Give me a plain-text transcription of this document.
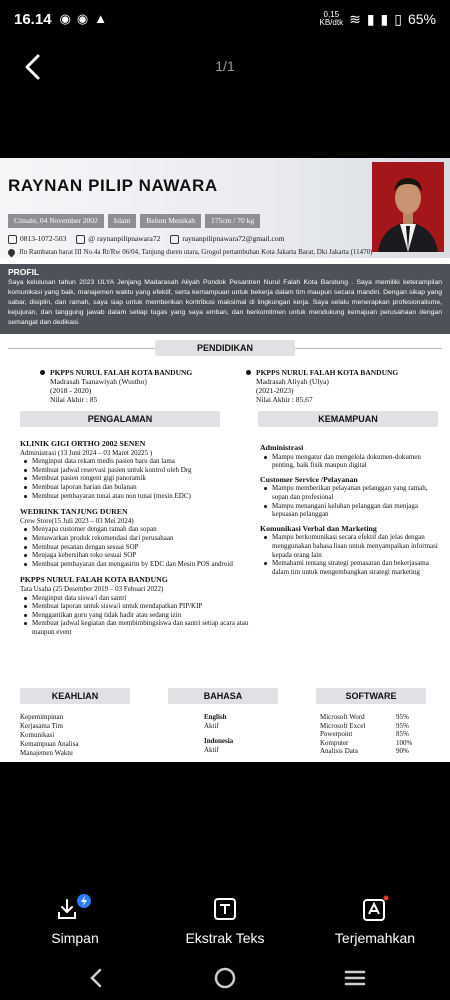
16.14 ◉ ◉ ▲	0,15
KB/dtk ≋ ▮ ▮ ▯ 65%
1/1
RAYNAN PILIP NAWARA
Cimahi, 04 November 2002	Islam	Belum Menikah	175cm / 70 kg
0813-1072-503	@ raynanpilipnawara72	raynanpilipnawara72@gmail.com
Jln Rambatan barat III No.4a Rt/Rw 06/04, Tanjung duren utara, Grogol pertambuhan Kota Jakarta Barat, Dki Jakarta (11470)
PROFIL

Saya kelulusan tahun 2023 ULYA Jenjang Madarasah Aliyah Pondok Pesantren Nurul Falah Kota Bandung . Saya memiliki keterampilan komunikasi yang baik, manajemen waktu yang efektif, serta kemampuan untuk bekerja dalam tim maupun secara mandiri. Dengan sikap yang sabar, disiplin, dan ramah, saya siap untuk memberikan kontribusi maksimal di lingkungan kerja. Saya selalu menerapkan profesionalisme, kejujuran, dan tanggung jawab dalam setiap tugas yang saya emban, dan berkomitmen untuk mendukung kemajuan perusahaan dengan semangat dan dedikasi.

PENDIDIKAN
PKPPS NURUL FALAH KOTA BANDUNG
Madrasah Tsanawiyah (Wustho)
(2018 - 2020)
Nilai Akhir : 85
PKPPS NURUL FALAH KOTA BANDUNG
Madrasah Aliyah (Ulya)
(2021-2023)
Nilai Akhir : 85,67
PENGALAMAN	KEMAMPUAN
KLINIK GIGI ORTHO 2002 SENEN
Administrasi (13 Juni 2024 – 03 Maret 20225 )
Menginput data rekam medis pasien baru dan lama
Membuat jadwal reservasi pasien untuk kontrol oleh Drg
Membuat pasien rongent gigi panoramik
Membuat laporan harian dan bulanan
Membuat pembayaran tunai atau non tunai (mesin EDC)
WEDRINK TANJUNG DUREN
Crew Store(15 Juli 2023 – 03 Mei 2024)
Menyapa customer dengan ramah dan sopan
Menawarkan produk rekomendasi dari perusahaan
Membuat pesanan dengan sesuai SOP
Menjaga kebersihan toko sesuai SOP
Membuat pembayaran dan mengasirin by EDC dan Mesin POS android
PKPPS NURUL FALAH KOTA BANDUNG
Tata Usaha (25 Desember 2019 – 03 Febuari 2022)
Menginput data siswa/i dan santri
Membuat laporan untuk siswa/i untuk mendapatkan PIP/KIP
Menggantikan guru yang tidak hadir atau sedang izin
Membuat jadwal kegiatan dan membimbingsiswa dan santri setiap acara atau maupun event
Administrasi
Mampu mengatur dan mengelola dokumen-dokumen penting, baik fisik maupun digital
Customer Service /Pelayanan
Mampu memberikan pelayanan pelanggan yang ramah, sopan dan profesional
Mampu menangani keluhan pelanggan dan menjaga kepuasan pelanggan
Komunikasi Verbal dan Marketing
Mampu berkomunikasi secara efektif dan jelas dengan menggunakan bahasa lisan untuk menyampaikan informasi kepada orang lain
Memahami tentang strategi pemasaran dan bekerjasama dalam tim untuk mengembangkan strategi marketing
KEAHLIAN	BAHASA	SOFTWARE
Kepemimpinan
Kerjasama Tim
Komunikasi
Kemampuan Analisa
Manajemen Waktu
English
Aktif
Indonesia
Aktif
Microsoft Word	95%
Microsoft Excel	95%
Powerpoint	85%
Komputer	100%
Analisis Data	90%
Simpan	Ekstrak Teks	Terjemahkan
